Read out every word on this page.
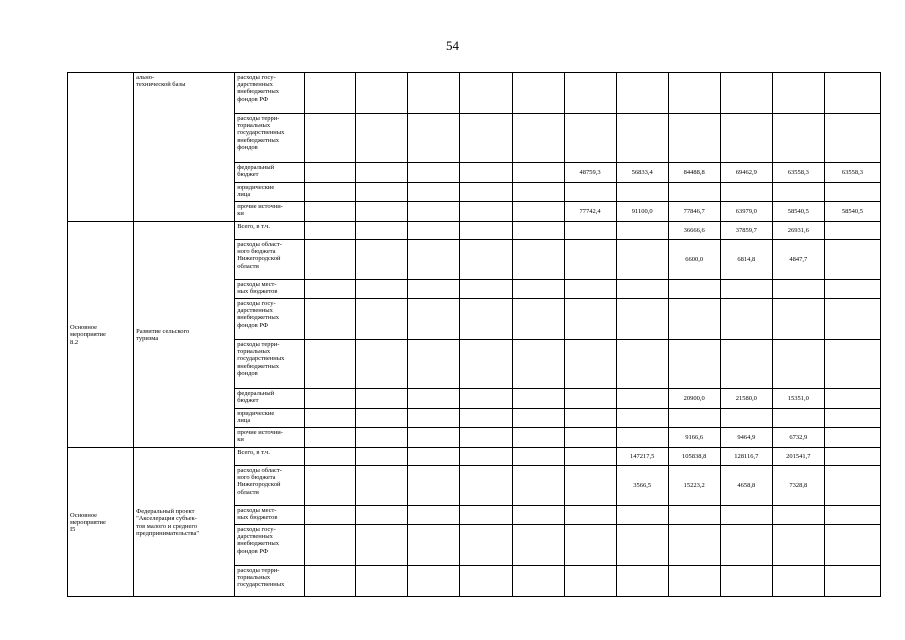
54
	ально-
технической базы	расходы госу-
дарственных
внебюджетных
фондов РФ											
		расходы терри-
ториальных
государственных
внебюджетных
фондов											
		федеральный
бюджет						48759,3	56833,4	84488,8	69462,9	63558,3	63558,3
		юридические
лица											
		прочие источни-
ки						77742,4	91100,0	77846,7	63979,0	58540,5	58540,5
Основное
мероприятие
8.2	Развитие сельского
туризма	Всего, в т.ч.								36666,6	37859,7	26931,6	
		расходы област-
ного бюджета
Нижегородской
области								6600,0	6814,8	4847,7	
		расходы мест-
ных бюджетов											
		расходы госу-
дарственных
внебюджетных
фондов РФ											
		расходы терри-
ториальных
государственных
внебюджетных
фондов											
		федеральный
бюджет								20900,0	21580,0	15351,0	
		юридические
лица											
		прочие источни-
ки								9166,6	9464,9	6732,9	
Основное
мероприятие
I5	Федеральный проект
"Акселерация субъек-
тов малого и среднего
предпринимательства"	Всего, в т.ч.							147217,5	105838,8	128116,7	201541,7	
		расходы област-
ного бюджета
Нижегородской
области							3566,5	15223,2	4658,8	7328,8	
		расходы мест-
ных бюджетов											
		расходы госу-
дарственных
внебюджетных
фондов РФ											
		расходы терри-
ториальных
государственных											
